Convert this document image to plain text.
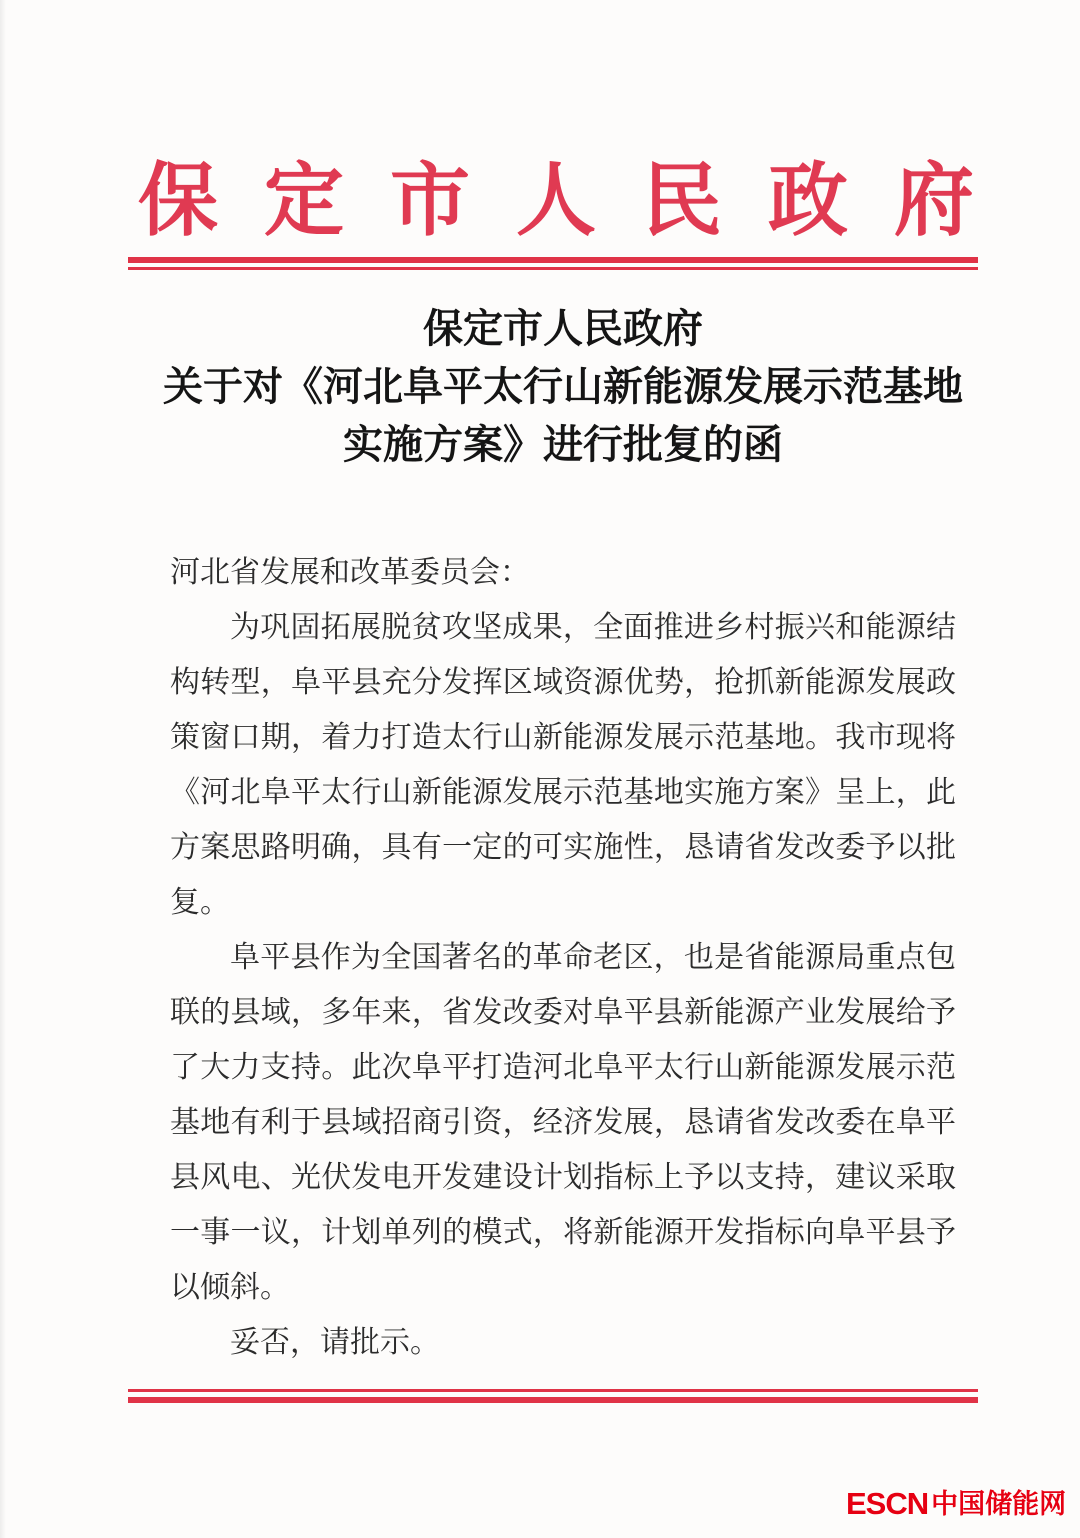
保定市人民政府
保定市人民政府
关于对《河北阜平太行山新能源发展示范基地
实施方案》进行批复的函
河北省发展和改革委员会：

为巩固拓展脱贫攻坚成果，全面推进乡村振兴和能源结构转型，阜平县充分发挥区域资源优势，抢抓新能源发展政策窗口期，着力打造太行山新能源发展示范基地。我市现将《河北阜平太行山新能源发展示范基地实施方案》呈上，此方案思路明确，具有一定的可实施性，恳请省发改委予以批复。

阜平县作为全国著名的革命老区，也是省能源局重点包联的县域，多年来，省发改委对阜平县新能源产业发展给予了大力支持。此次阜平打造河北阜平太行山新能源发展示范基地有利于县域招商引资，经济发展，恳请省发改委在阜平县风电、光伏发电开发建设计划指标上予以支持，建议采取一事一议，计划单列的模式，将新能源开发指标向阜平县予以倾斜。

妥否，请批示。

ESCN 中国储能网
